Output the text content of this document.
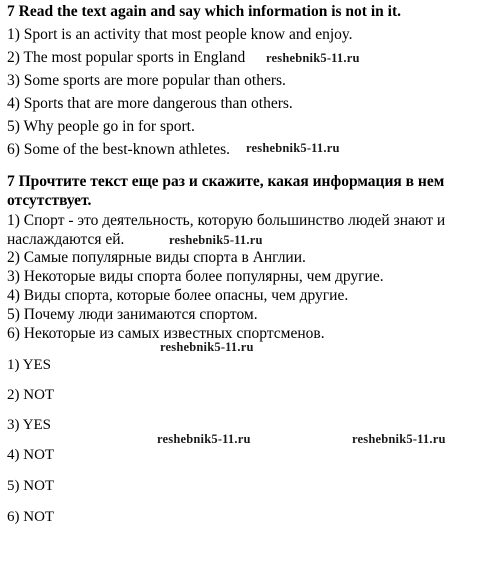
7 Read the text again and say which information is not in it.
1) Sport is an activity that most people know and enjoy.
2) The most popular sports in England
3) Some sports are more popular than others.
4) Sports that are more dangerous than others.
5) Why people go in for sport.
6) Some of the best-known athletes.
7 Прочтите текст еще раз и скажите, какая информация в нем
отсутствует.
1) Спорт - это деятельность, которую большинство людей знают и
наслаждаются ей.
2) Самые популярные виды спорта в Англии.
3) Некоторые виды спорта более популярны, чем другие.
4) Виды спорта, которые более опасны, чем другие.
5) Почему люди занимаются спортом.
6) Некоторые из самых известных спортсменов.
1) YES
2) NOT
3) YES
4) NOT
5) NOT
6) NOT
reshebnik5-11.ru
reshebnik5-11.ru
reshebnik5-11.ru
reshebnik5-11.ru
reshebnik5-11.ru	reshebnik5-11.ru
